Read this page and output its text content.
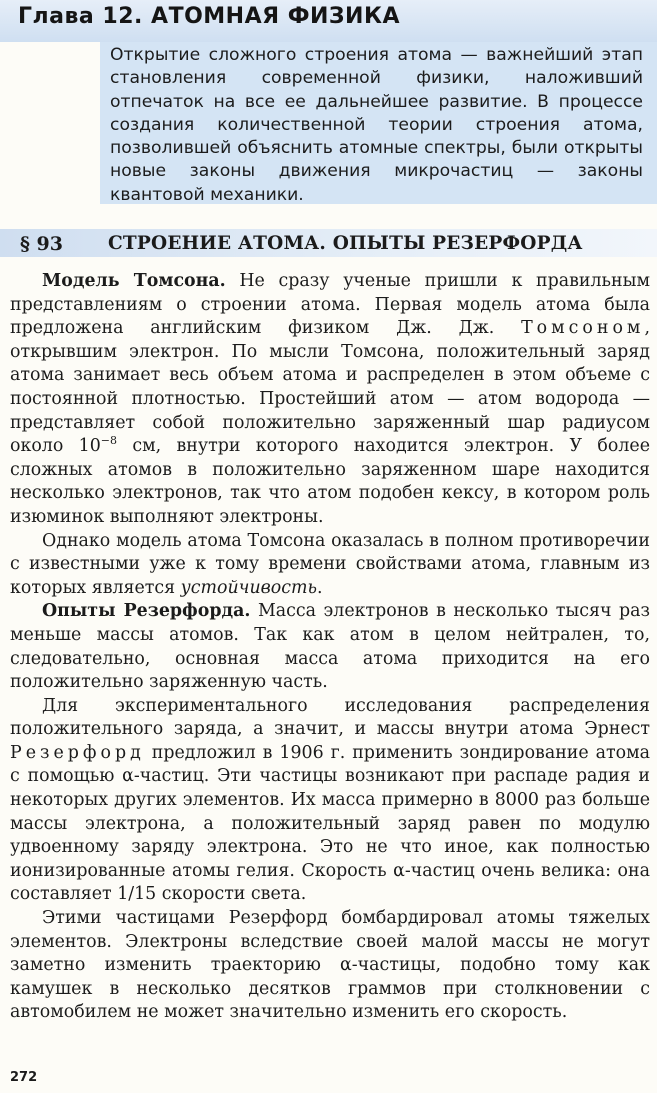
Глава 12. АТОМНАЯ ФИЗИКА

Открытие сложного строения атома — важнейший этап становления современной физики, наложивший отпечаток на все ее дальнейшее развитие. В процессе создания количественной теории строения атома, позволившей объяснить атомные спектры, были открыты новые законы движения микрочастиц — законы квантовой механики.

§ 93 СТРОЕНИЕ АТОМА. ОПЫТЫ РЕЗЕРФОРДА

Модель Томсона. Не сразу ученые пришли к правильным представлениям о строении атома. Первая модель атома была предложена английским физиком Дж. Дж. Томсоном, открывшим электрон. По мысли Томсона, положительный заряд атома занимает весь объем атома и распределен в этом объеме с постоянной плотностью. Простейший атом — атом водорода — представляет собой положительно заряженный шар радиусом около $10^{-8}$ см, внутри которого находится электрон. У более сложных атомов в положительно заряженном шаре находится несколько электронов, так что атом подобен кексу, в котором роль изюминок выполняют электроны.

Однако модель атома Томсона оказалась в полном противоречии с известными уже к тому времени свойствами атома, главным из которых является устойчивость.

Опыты Резерфорда. Масса электронов в несколько тысяч раз меньше массы атомов. Так как атом в целом нейтрален, то, следовательно, основная масса атома приходится на его положительно заряженную часть.

Для экспериментального исследования распределения положительного заряда, а значит, и массы внутри атома Эрнест Резерфорд предложил в 1906 г. применить зондирование атома с помощью α-частиц. Эти частицы возникают при распаде радия и некоторых других элементов. Их масса примерно в 8000 раз больше массы электрона, а положительный заряд равен по модулю удвоенному заряду электрона. Это не что иное, как полностью ионизированные атомы гелия. Скорость α-частиц очень велика: она составляет 1/15 скорости света.

Этими частицами Резерфорд бомбардировал атомы тяжелых элементов. Электроны вследствие своей малой массы не могут заметно изменить траекторию α-частицы, подобно тому как камушек в несколько десятков граммов при столкновении с автомобилем не может значительно изменить его скорость.

272
